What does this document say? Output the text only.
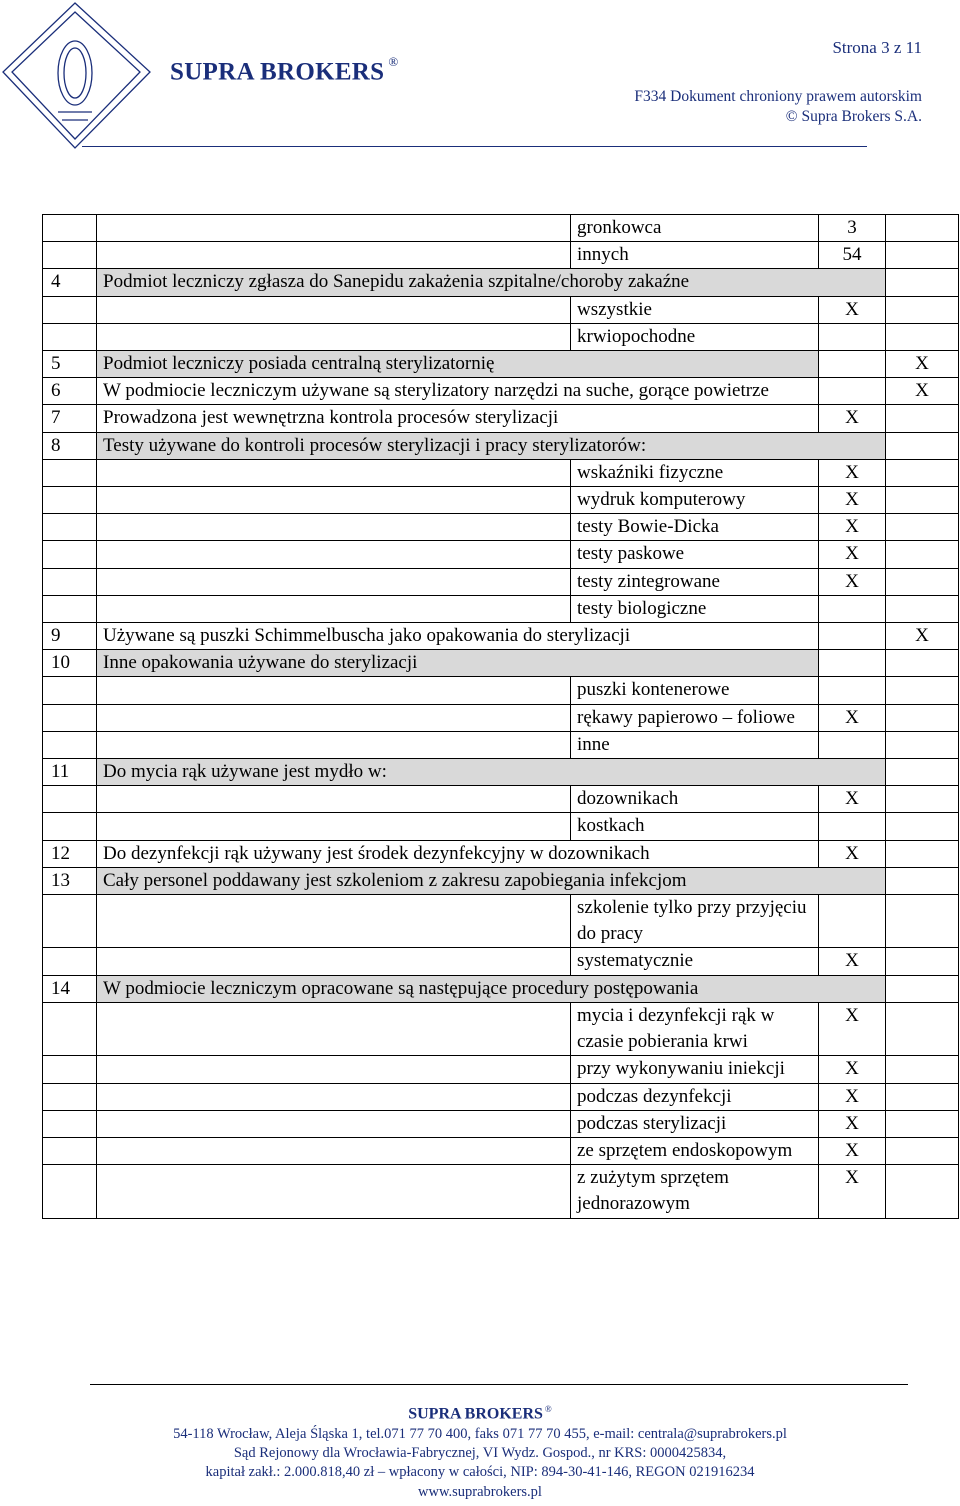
SUPRA BROKERS ®
Strona 3 z 11
F334 Dokument chroniony prawem autorskim
© Supra Brokers S.A.
		gronkowca	3	
		innych	54	
4	Podmiot leczniczy zgłasza do Sanepidu zakażenia szpitalne/choroby zakaźne			
		wszystkie	X	
		krwiopochodne		
5	Podmiot leczniczy posiada centralną sterylizatornię			X
6	W podmiocie leczniczym używane są sterylizatory narzędzi na suche, gorące powietrze			X
7	Prowadzona jest wewnętrzna kontrola procesów sterylizacji		X	
8	Testy używane do kontroli procesów sterylizacji i pracy sterylizatorów:			
		wskaźniki fizyczne	X	
		wydruk komputerowy	X	
		testy Bowie-Dicka	X	
		testy paskowe	X	
		testy zintegrowane	X	
		testy biologiczne		
9	Używane są puszki Schimmelbuscha jako opakowania do sterylizacji			X
10	Inne opakowania używane do sterylizacji			
		puszki kontenerowe		
		rękawy papierowo – foliowe	X	
		inne		
11	Do mycia rąk używane jest mydło w:			
		dozownikach	X	
		kostkach		
12	Do dezynfekcji rąk używany jest środek dezynfekcyjny w dozownikach		X	
13	Cały personel poddawany jest szkoleniom z zakresu zapobiegania infekcjom			
		szkolenie tylko przy przyjęciu do pracy		
		systematycznie	X	
14	W podmiocie leczniczym opracowane są następujące procedury postępowania			
		mycia i dezynfekcji rąk w czasie pobierania krwi	X	
		przy wykonywaniu iniekcji	X	
		podczas dezynfekcji	X	
		podczas sterylizacji	X	
		ze sprzętem endoskopowym	X	
		z zużytym sprzętem jednorazowym	X	
SUPRA BROKERS ®
54-118 Wrocław, Aleja Śląska 1, tel.071 77 70 400, faks 071 77 70 455, e-mail: centrala@suprabrokers.pl
Sąd Rejonowy dla Wrocławia-Fabrycznej, VI Wydz. Gospod., nr KRS: 0000425834,
kapitał zakł.: 2.000.818,40 zł – wpłacony w całości, NIP: 894-30-41-146, REGON 021916234
www.suprabrokers.pl
